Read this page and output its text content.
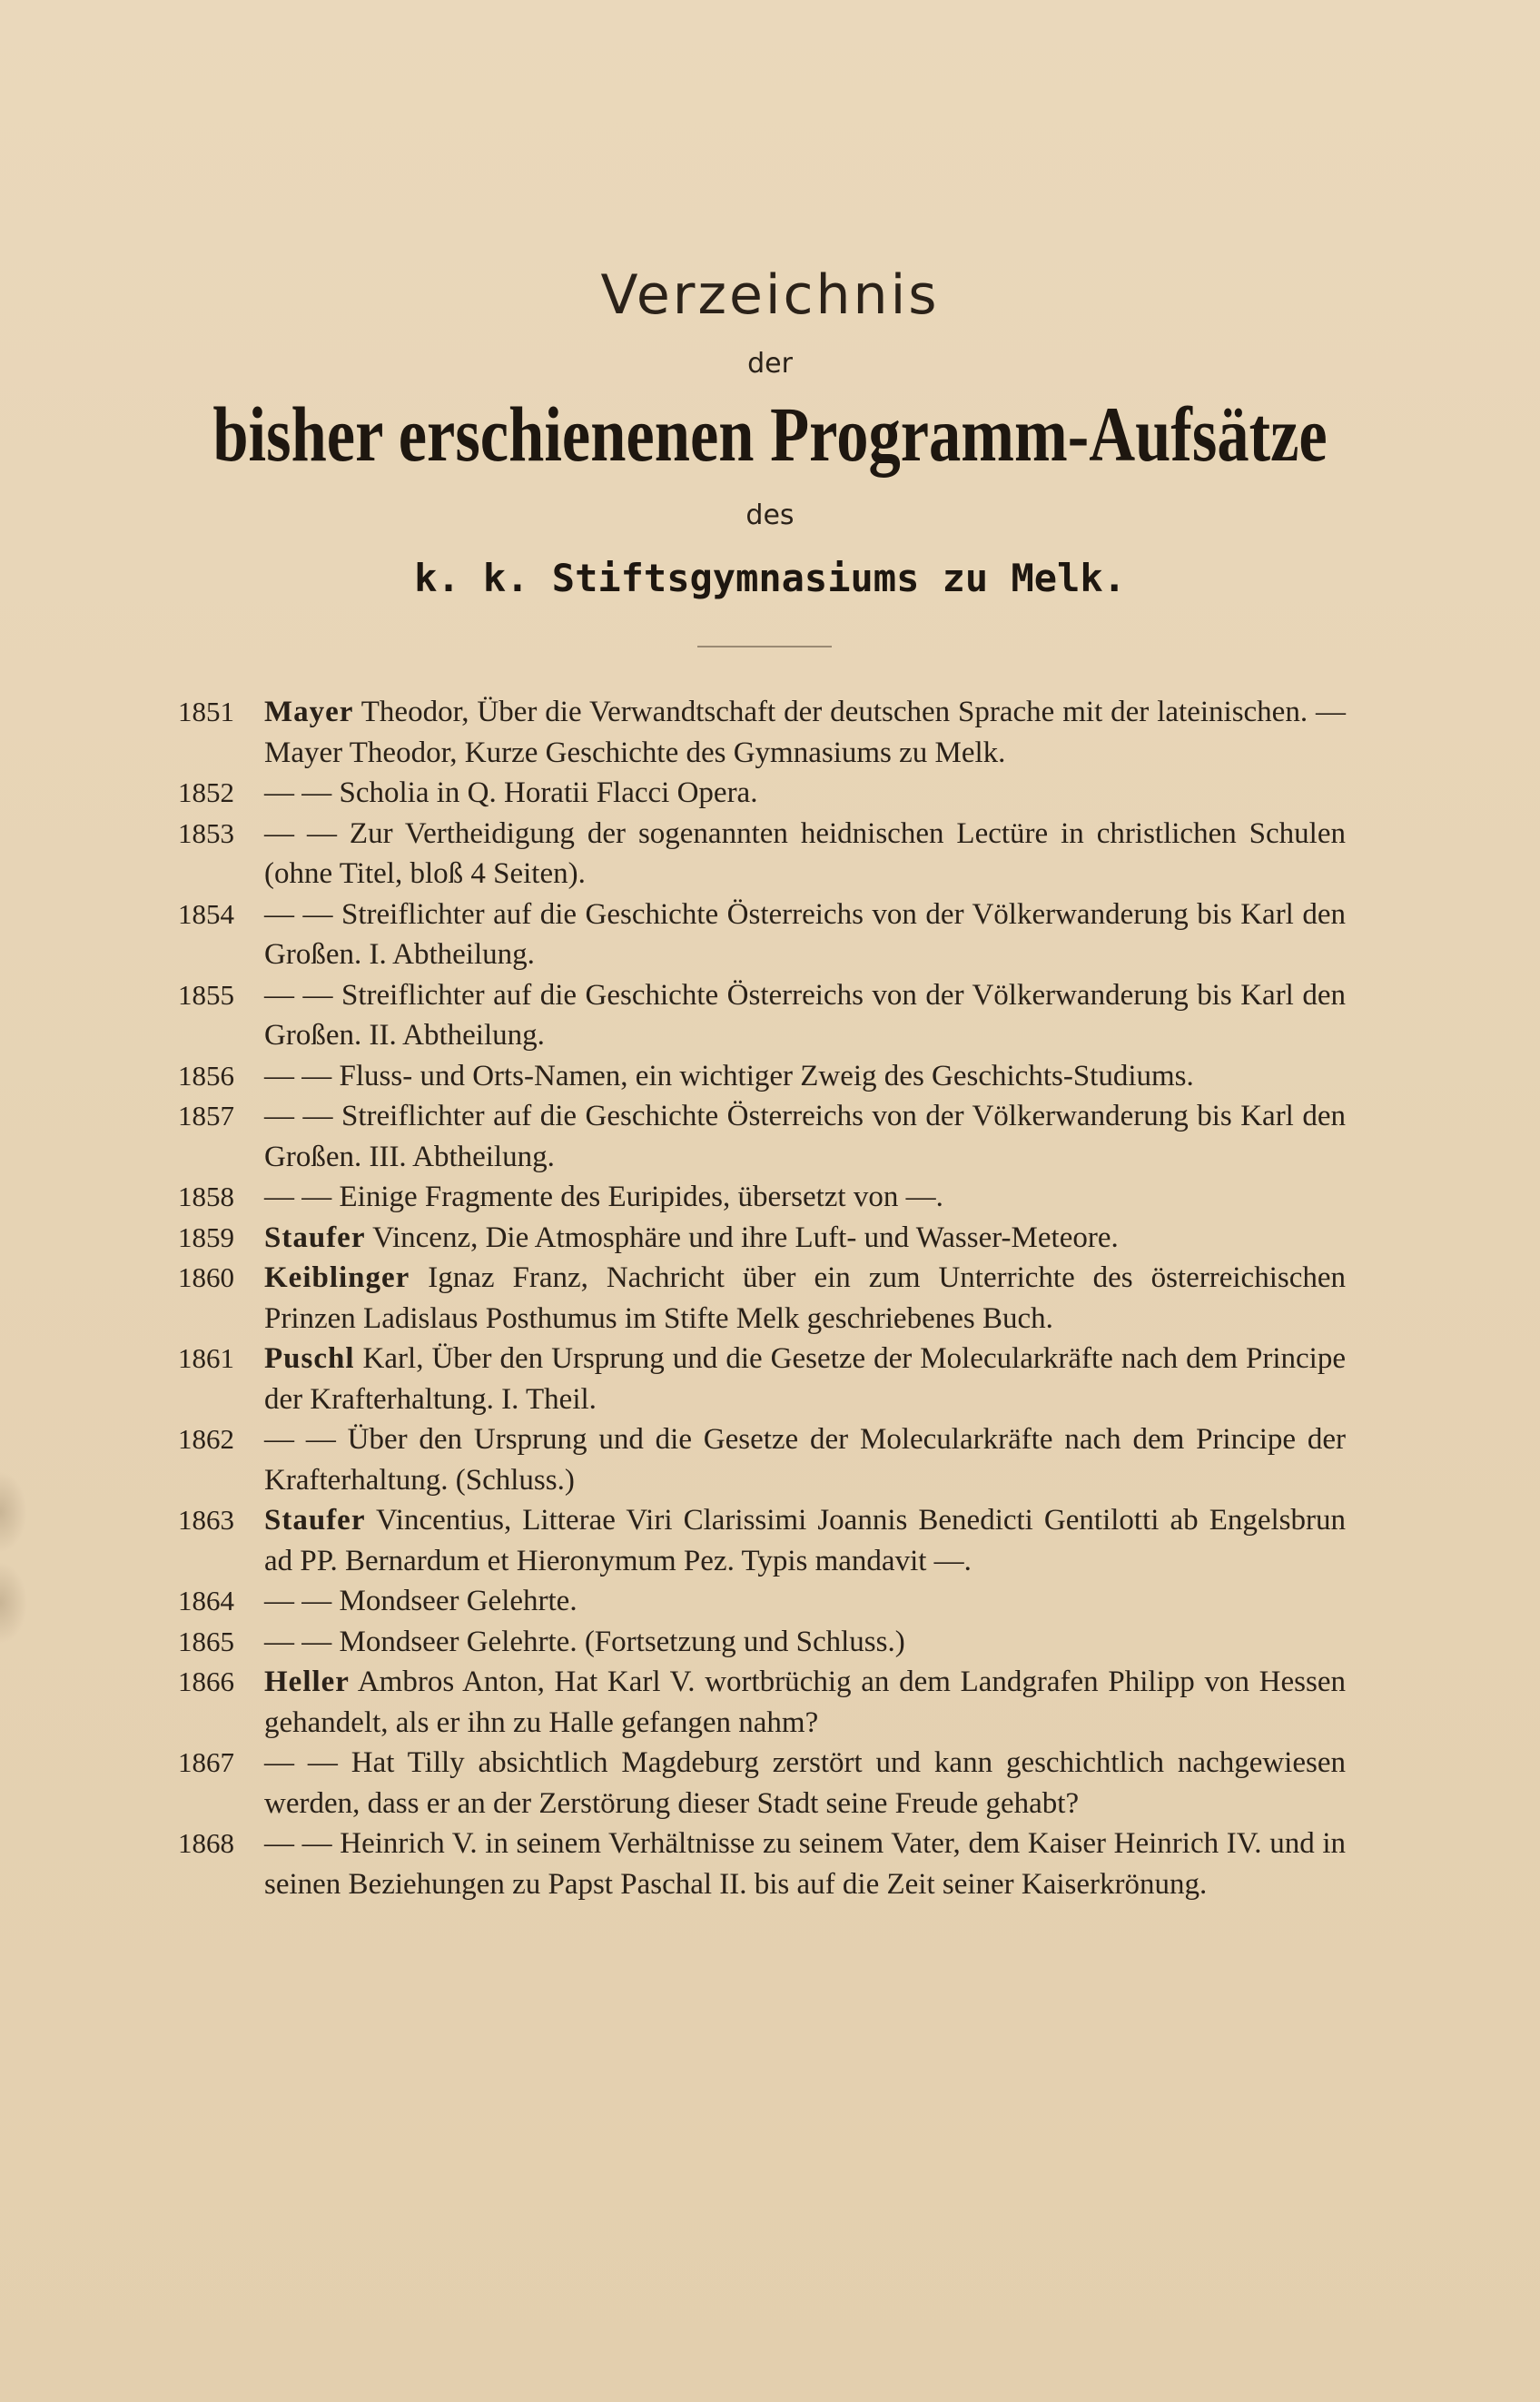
Verzeichnis
der
bisher erschienenen Programm-Aufsätze
des
k. k. Stiftsgymnasiums zu Melk.
1851	Mayer Theodor, Über die Verwandtschaft der deutschen Sprache mit der lateinischen. — Mayer Theodor, Kurze Geschichte des Gymnasiums zu Melk.
1852	— — Scholia in Q. Horatii Flacci Opera.
1853	— — Zur Vertheidigung der sogenannten heidnischen Lectüre in christlichen Schulen (ohne Titel, bloß 4 Seiten).
1854	— — Streiflichter auf die Geschichte Österreichs von der Völkerwanderung bis Karl den Großen. I. Abtheilung.
1855	— — Streiflichter auf die Geschichte Österreichs von der Völkerwanderung bis Karl den Großen. II. Abtheilung.
1856	— — Fluss- und Orts-Namen, ein wichtiger Zweig des Geschichts-Studiums.
1857	— — Streiflichter auf die Geschichte Österreichs von der Völkerwanderung bis Karl den Großen. III. Abtheilung.
1858	— — Einige Fragmente des Euripides, übersetzt von —.
1859	Staufer Vincenz, Die Atmosphäre und ihre Luft- und Wasser-Meteore.
1860	Keiblinger Ignaz Franz, Nachricht über ein zum Unterrichte des österreichischen Prinzen Ladislaus Posthumus im Stifte Melk geschriebenes Buch.
1861	Puschl Karl, Über den Ursprung und die Gesetze der Molecularkräfte nach dem Principe der Krafterhaltung. I. Theil.
1862	— — Über den Ursprung und die Gesetze der Molecularkräfte nach dem Principe der Krafterhaltung. (Schluss.)
1863	Staufer Vincentius, Litterae Viri Clarissimi Joannis Benedicti Gentilotti ab Engelsbrun ad PP. Bernardum et Hieronymum Pez. Typis mandavit —.
1864	— — Mondseer Gelehrte.
1865	— — Mondseer Gelehrte. (Fortsetzung und Schluss.)
1866	Heller Ambros Anton, Hat Karl V. wortbrüchig an dem Landgrafen Philipp von Hessen gehandelt, als er ihn zu Halle gefangen nahm?
1867	— — Hat Tilly absichtlich Magdeburg zerstört und kann geschichtlich nachgewiesen werden, dass er an der Zerstörung dieser Stadt seine Freude gehabt?
1868	— — Heinrich V. in seinem Verhältnisse zu seinem Vater, dem Kaiser Heinrich IV. und in seinen Beziehungen zu Papst Paschal II. bis auf die Zeit seiner Kaiserkrönung.
